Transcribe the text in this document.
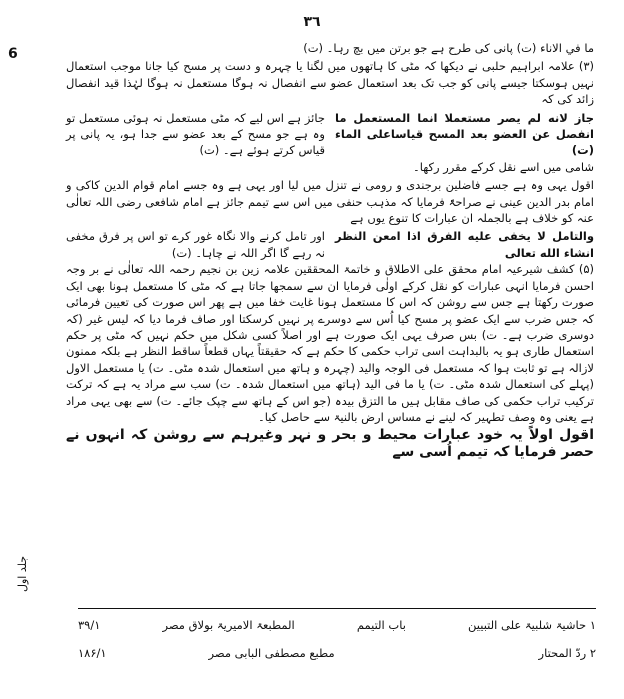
٣٦
6
جلد اول

ما في الاناء (ت) پانی کی طرح ہے جو برتن میں بچ رہا۔ (ت)

(۳) علامہ ابراہیم حلبی نے دیکھا کہ مٹی کا ہاتھوں میں لگنا یا چہرہ و دست پر مسح کیا جانا موجب استعمال نہیں ہوسکتا جیسے پانی کو جب تک بعد استعمال عضو سے انفصال نہ ہوگا مستعمل نہ ہوگا لہٰذا قید انفصال زائد کی کہ

جاز لانه لم يصر مستعملا انما المستعمل ما انفصل عن العضو بعد المسح قياساعلى الماء (ت)
جائز ہے اس لیے کہ مٹی مستعمل نہ ہوئی مستعمل تو وہ ہے جو مسح کے بعد عضو سے جدا ہو، یہ پانی پر قیاس کرتے ہوئے ہے۔ (ت)

شامی میں اسے نقل کرکے مقرر رکھا۔

اقول یہی وہ ہے جسے فاضلین برجندی و رومی نے تنزل میں لیا اور یہی ہے وہ جسے امام قوام الدین کاکی و امام بدر الدین عینی نے صراحۃً فرمایا کہ مذہب حنفی میں اس سے تیمم جائز ہے امام شافعی رضی اللہ تعالٰی عنہ کو خلاف ہے بالجملہ ان عبارات کا تنوع یوں ہے

والتامل لا يخفى عليه الفرق اذا امعن النظر انشاء الله تعالى
اور تامل کرنے والا نگاہ غور کرے تو اس پر فرق مخفی نہ رہے گا اگر اللہ نے چاہا۔ (ت)

(۵) کشف شیرعیہ امام محقق علی الاطلاق و خاتمۃ المحققین علامہ زین بن نجیم رحمہ اللہ تعالٰی نے بر وجہ احسن فرمایا انہی عبارات کو نقل کرکے اولٰی فرمایا ان سے سمجھا جاتا ہے کہ مٹی کا مستعمل ہونا بھی ایک صورت رکھتا ہے جس سے روشن کہ اس کا مستعمل ہونا غایت خفا میں ہے پھر اس صورت کی تعیین فرمائی کہ جس ضرب سے ایک عضو پر مسح کیا اُس سے دوسرے پر نہیں کرسکتا اور صاف فرما دیا کہ لیس غیر (کہ دوسری ضرب ہے۔ ت) بس صرف یہی ایک صورت ہے اور اصلاً کسی شکل میں حکم نہیں کہ مٹی پر حکم استعمال طاری ہو یہ بالبداہت اسی تراب حکمی کا حکم ہے کہ حقیقتاً یہاں قطعاً ساقط النظر ہے بلکہ ممنون لازالہ ہے تو ثابت ہوا کہ مستعمل فی الوجہ والید (چہرہ و ہاتھ میں استعمال شدہ مٹی۔ ت) یا مستعمل الاول (پہلے کی استعمال شدہ مٹی۔ ت) یا ما فی الید (ہاتھ میں استعمال شدہ۔ ت) سب سے مراد یہ ہے کہ ترکت ترکیب تراب حکمی کی صاف مقابل ہیں ما التزق بیدہ (جو اس کے ہاتھ سے چپک جائے۔ ت) سے بھی یہی مراد ہے یعنی وہ وصف تطہیر کہ لینے نے مساس ارض بالنیۃ سے حاصل کیا۔

اقول اولاً یہ خود عبارات محیط و بحر و نہر وغیرہم سے روشن کہ انہوں نے حصر فرمایا کہ تیمم اُسی سے

۱ حاشیۃ شلبیۃ علی التبیین
باب التیمم
المطبعۃ الامیریۃ بولاق مصر
۳۹/۱
۲ ردّ المحتار
مطبع مصطفی البابی مصر
۱۸۶/۱
